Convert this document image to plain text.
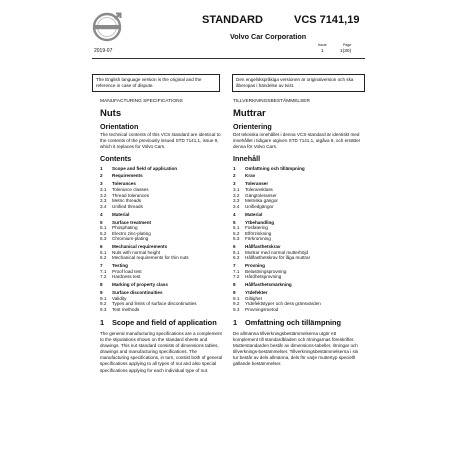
STANDARD	VCS 7141,19
Volvo Car Corporation
2019-07
Issue
1
Page
1(30)
The English language version is the original and the reference in case of dispute.
Den engelskspråkiga versionen är originalversion och ska åberopas i händelse av tvist.
MANUFACTURING SPECIFICATIONS
Nuts
Orientation
The technical contents of this VCS standard are identical to the contents of the previously issued STD 7141,1, issue 9, which it replaces for Volvo Cars.
Contents
1	Scope and field of application
2	Requirements
3	Tolerances
3.1	Tolerance classes
3.2	Thread tolerances
3.3	Metric threads
3.4	Unified threads
4	Material
5	Surface treatment
5.1	Phosphating
5.2	Electro zinc-plating
5.3	Chromium-plating
6	Mechanical requirements
6.1	Nuts with normal height
6.2	Mechanical requirements for thin nuts
7	Testing
7.1	Proof load test
7.2	Hardness test
8	Marking of property class
9	Surface discontinuities
9.1	Validity
9.2	Types and limits of surface discontinuities
9.3	Test methods
1	Scope and field of application
The general manufacturing specifications are a complement to the stipulations shown on the standard sheets and drawings. This nut standard consists of dimensions tables, drawings and manufacturing specifications. The manufacturing specifications, in turn, consist both of general specifications applying to all types of nut and also special specifications applying for each individual type of nut.
TILLVERKNINGSBESTÄMMELSER
Muttrar
Orientering
Det tekniska innehållet i denna VCS-standard är identiskt med innehållet i tidigare utgiven STD 7141,1, utgåva 9, och ersätter denna för Volvo Cars.
Innehåll
1	Omfattning och tillämpning
2	Krav
3	Toleranser
3.1	Toleransklass
3.2	Gängtoleranser
3.3	Metriska gängor
3.4	Unifiedgängor
4	Material
5	Ytbehandling
5.1	Fosfatering
5.2	Elförzinkning
5.3	Förkromning
6	Hållfasthetskrav
6.1	Muttrar med normal mutterhöjd
6.2	Hållfasthetskrav för låga muttrar
7	Provning
7.1	Belastningsprovning
7.2	Hårdhetsprovning
8	Hållfasthetsmärkning
9	Ytdefekter
9.1	Giltighet
9.2	Ytdefektstyper och dess gränsvärden
9.3	Provningsmetod
1	Omfattning och tillämpning
De allmänna tillverkningsbestämmelserna utgör ett komplement till standardbladen och ritningarnas föreskrifter. Mutterstandarden består av dimensions-tabeller, ritningar och tillverknings-bestämmelser. Tillverkningsbestämmelserna i sin tur består av dels allmänna, dels för varje muttertyp speciellt gällande bestämmelser.
